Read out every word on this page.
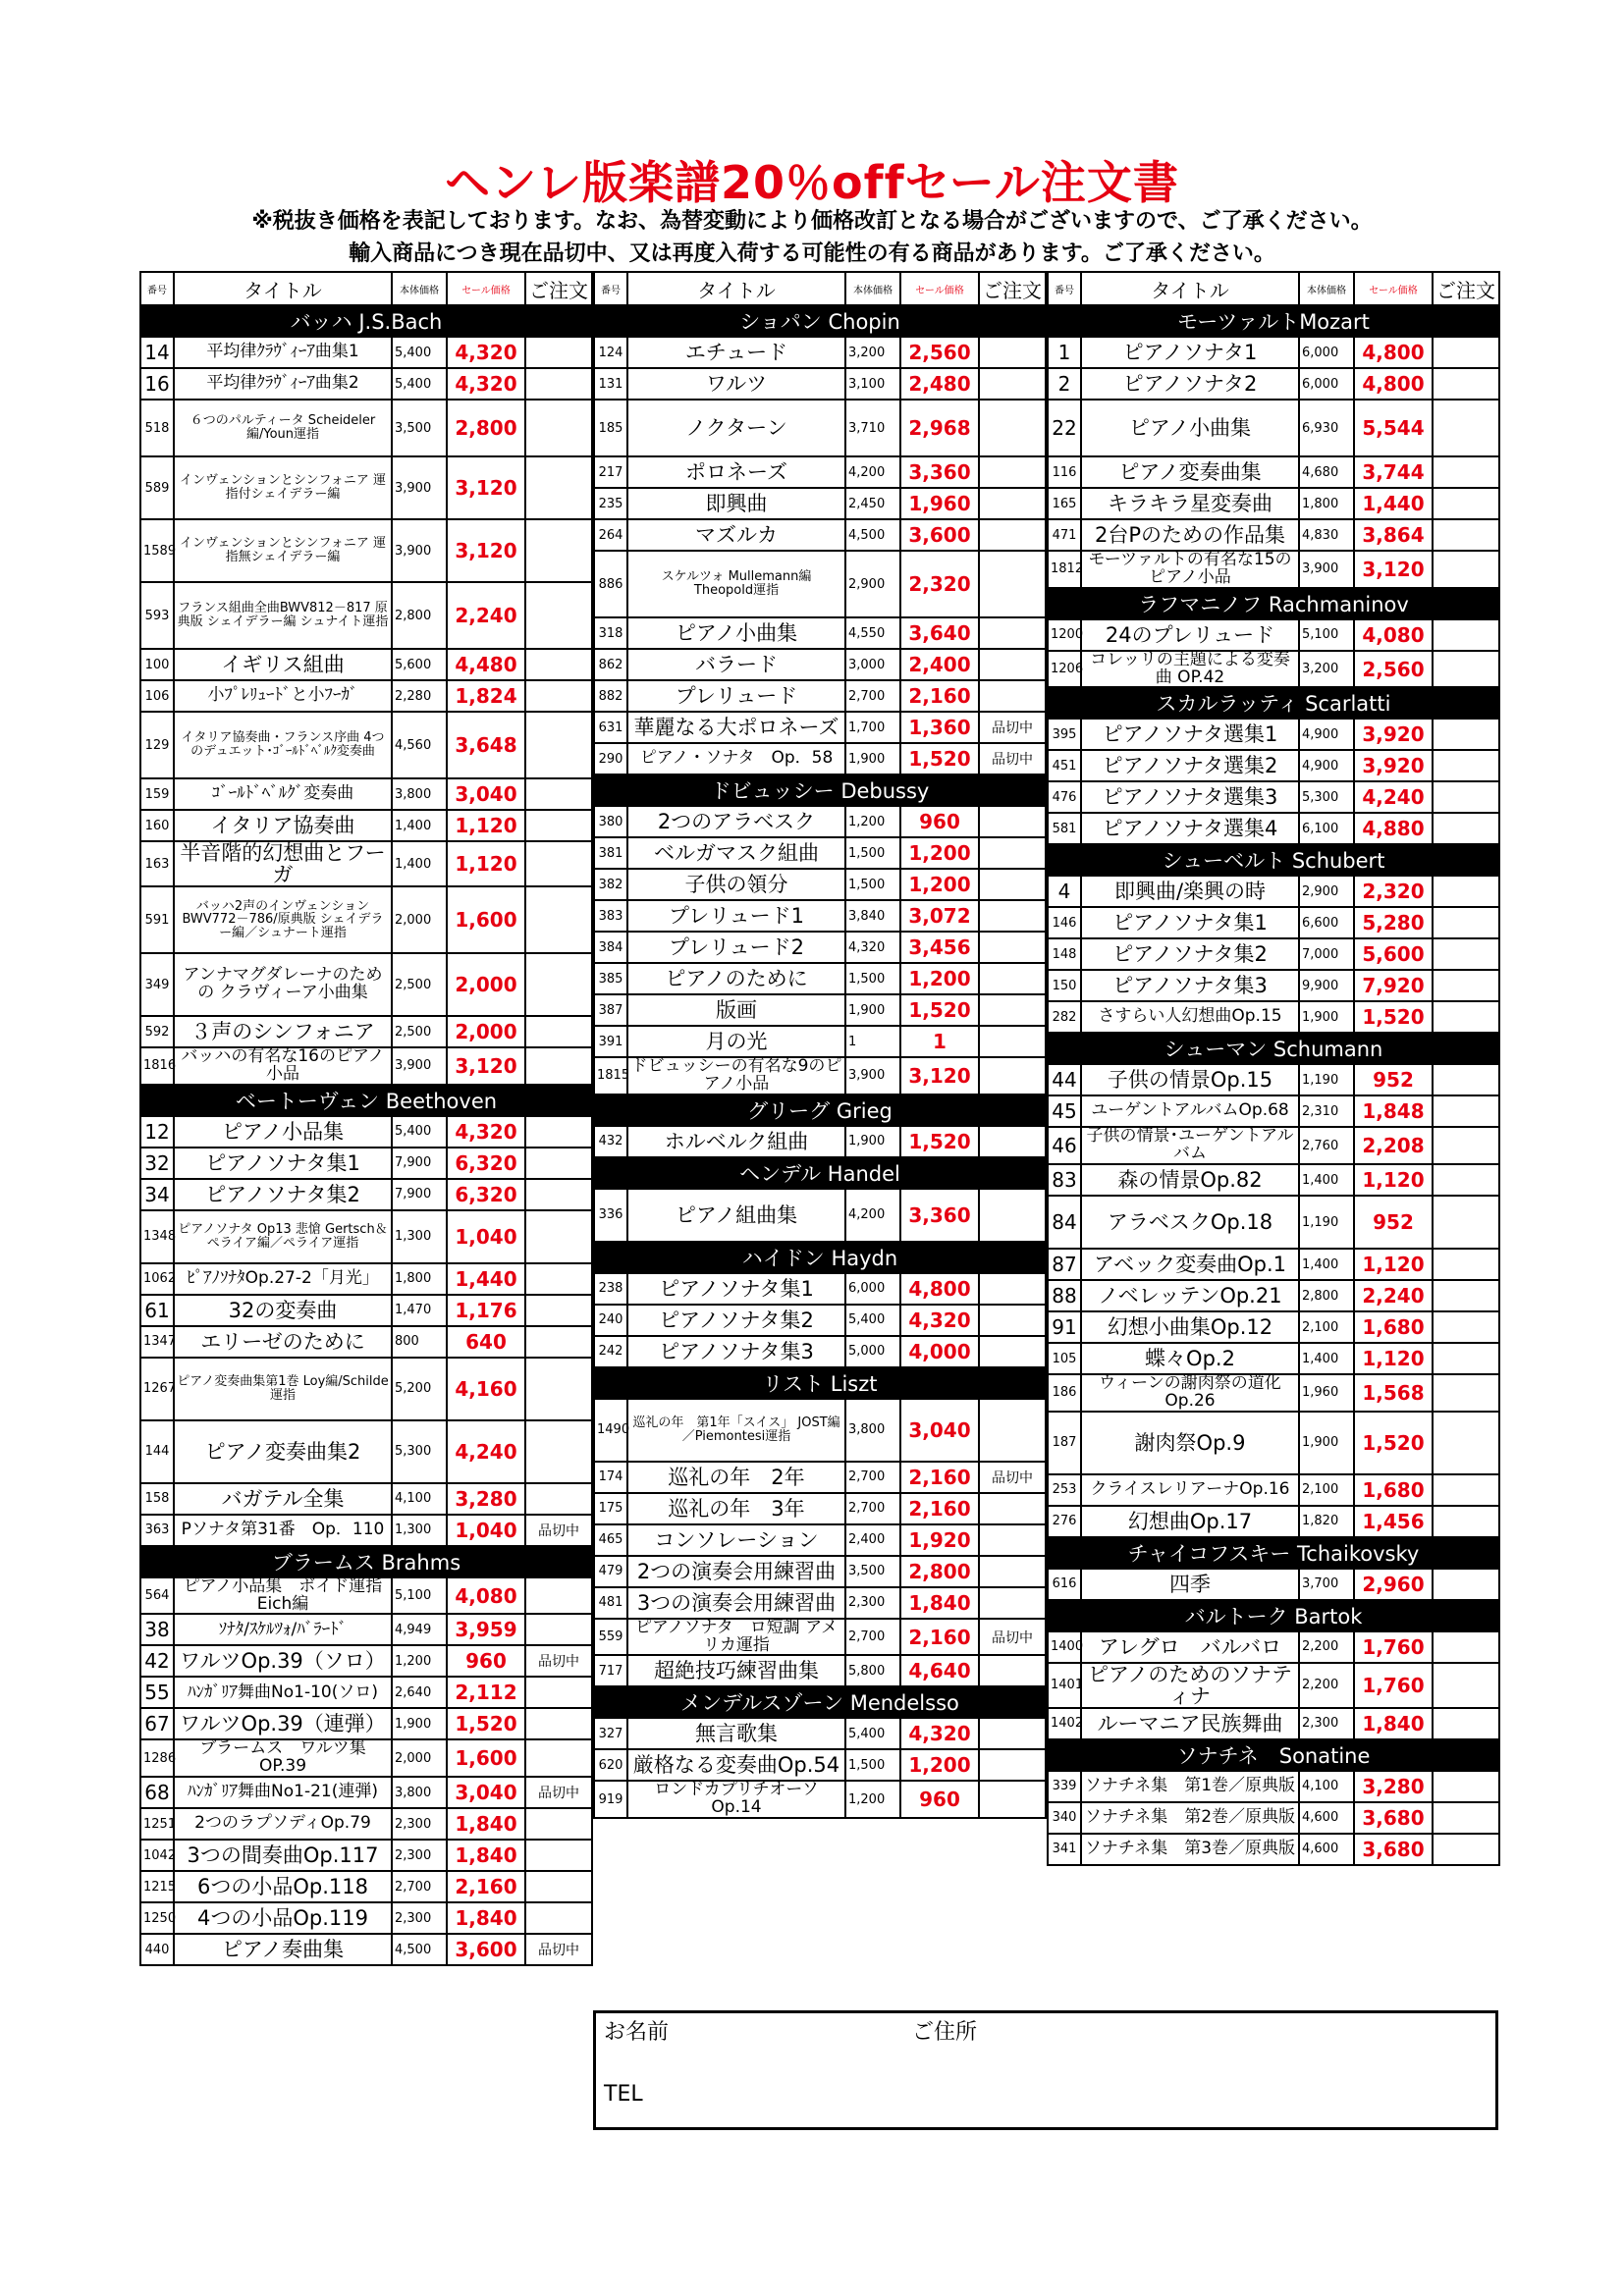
ヘンレ版楽譜20％offセール注文書
※税抜き価格を表記しております。なお、為替変動により価格改訂となる場合がございますので、ご了承ください。
輸入商品につき現在品切中、又は再度入荷する可能性の有る商品があります。ご了承ください。
番号	タイトル	本体価格	セール価格	ご注文
バッハ J.S.Bach				
14	平均律ｸﾗｳﾞｨｰｱ曲集1	5,400	4,320	
16	平均律ｸﾗｳﾞｨｰｱ曲集2	5,400	4,320	
518	６つのパルティータ Scheideler編/Youn運指	3,500	2,800	
589	インヴェンションとシンフォニア 運指付シェイデラー編	3,900	3,120	
1589	インヴェンションとシンフォニア 運指無シェイデラー編	3,900	3,120	
593	フランス組曲全曲BWV812－817 原典版 シェイデラー編 シュナイト運指	2,800	2,240	
100	イギリス組曲	5,600	4,480	
106	小ﾌﾟﾚﾘｭｰﾄﾞと小ﾌｰｶﾞ	2,280	1,824	
129	イタリア協奏曲・フランス序曲 4つのデュエット･ｺﾞｰﾙﾄﾞﾍﾞﾙｸ変奏曲	4,560	3,648	
159	ｺﾞｰﾙﾄﾞﾍﾞﾙｸﾞ変奏曲	3,800	3,040	
160	イタリア協奏曲	1,400	1,120	
163	半音階的幻想曲とフーガ	1,400	1,120	
591	バッハ2声のインヴェンション BWV772－786/原典版 シェイデラー編／シュナート運指	2,000	1,600	
349	アンナマグダレーナのための クラヴィーア小曲集	2,500	2,000	
592	３声のシンフォニア	2,500	2,000	
1816	バッハの有名な16のピアノ小品	3,900	3,120	
ベートーヴェン Beethoven				
12	ピアノ小品集	5,400	4,320	
32	ピアノソナタ集1	7,900	6,320	
34	ピアノソナタ集2	7,900	6,320	
1348	ピアノソナタ Op13 悲愴 Gertsch＆ペライア編／ペライア運指	1,300	1,040	
1062	ﾋﾟｱﾉｿﾅﾀOp.27-2「月光」	1,800	1,440	
61	32の変奏曲	1,470	1,176	
1347	エリーゼのために	800	640	
1267	ピアノ変奏曲集第1巻 Loy編/Schilde運指	5,200	4,160	
144	ピアノ変奏曲集2	5,300	4,240	
158	バガテル全集	4,100	3,280	
363	Pソナタ第31番　Op．110	1,300	1,040	品切中
ブラームス Brahms				
564	ピアノ小品集　ボイド運指　Eich編	5,100	4,080	
38	ｿﾅﾀ/ｽｹﾙﾂｫ/ﾊﾞﾗｰﾄﾞ	4,949	3,959	
42	ワルツOp.39（ソロ）	1,200	960	品切中
55	ﾊﾝｶﾞﾘｱ舞曲No1-10(ソロ)	2,640	2,112	
67	ワルツOp.39（連弾）	1,900	1,520	
1286	ブラームス　ワルツ集OP.39	2,000	1,600	
68	ﾊﾝｶﾞﾘｱ舞曲No1-21(連弾)	3,800	3,040	品切中
1251	2つのラプソディOp.79	2,300	1,840	
1042	3つの間奏曲Op.117	2,300	1,840	
1215	6つの小品Op.118	2,700	2,160	
1250	4つの小品Op.119	2,300	1,840	
440	ピアノ奏曲集	4,500	3,600	品切中
番号	タイトル	本体価格	セール価格	ご注文
ショパン Chopin				
124	エチュード	3,200	2,560	
131	ワルツ	3,100	2,480	
185	ノクターン	3,710	2,968	
217	ポロネーズ	4,200	3,360	
235	即興曲	2,450	1,960	
264	マズルカ	4,500	3,600	
886	スケルツォ Mullemann編 Theopold運指	2,900	2,320	
318	ピアノ小曲集	4,550	3,640	
862	バラード	3,000	2,400	
882	プレリュード	2,700	2,160	
631	華麗なる大ポロネーズ	1,700	1,360	品切中
290	ピアノ・ソナタ　Op．58	1,900	1,520	品切中
ドビュッシー Debussy				
380	2つのアラベスク	1,200	960	
381	ベルガマスク組曲	1,500	1,200	
382	子供の領分	1,500	1,200	
383	プレリュード1	3,840	3,072	
384	プレリュード2	4,320	3,456	
385	ピアノのために	1,500	1,200	
387	版画	1,900	1,520	
391	月の光	1	1	
1815	ドビュッシーの有名な9のピアノ小品	3,900	3,120	
グリーグ Grieg				
432	ホルベルク組曲	1,900	1,520	
ヘンデル Handel				
336	ピアノ組曲集	4,200	3,360	
ハイドン Haydn				
238	ピアノソナタ集1	6,000	4,800	
240	ピアノソナタ集2	5,400	4,320	
242	ピアノソナタ集3	5,000	4,000	
リスト Liszt				
1490	巡礼の年　第1年「スイス」 JOST編／Piemontesi運指	3,800	3,040	
174	巡礼の年　2年	2,700	2,160	品切中
175	巡礼の年　3年	2,700	2,160	
465	コンソレーション	2,400	1,920	
479	2つの演奏会用練習曲	3,500	2,800	
481	3つの演奏会用練習曲	2,300	1,840	
559	ピアノソナタ　ロ短調 アメリカ運指	2,700	2,160	品切中
717	超絶技巧練習曲集	5,800	4,640	
メンデルスゾーン Mendelsso				
327	無言歌集	5,400	4,320	
620	厳格なる変奏曲Op.54	1,500	1,200	
919	ロンドカプリチオーソOp.14	1,200	960	
番号	タイトル	本体価格	セール価格	ご注文
モーツァルトMozart				
1	ピアノソナタ1	6,000	4,800	
2	ピアノソナタ2	6,000	4,800	
22	ピアノ小曲集	6,930	5,544	
116	ピアノ変奏曲集	4,680	3,744	
165	キラキラ星変奏曲	1,800	1,440	
471	2台Pのための作品集	4,830	3,864	
1812	モーツァルトの有名な15のピアノ小品	3,900	3,120	
ラフマニノフ Rachmaninov				
1200	24のプレリュード	5,100	4,080	
1206	コレッリの主題による変奏曲 OP.42	3,200	2,560	
スカルラッティ Scarlatti				
395	ピアノソナタ選集1	4,900	3,920	
451	ピアノソナタ選集2	4,900	3,920	
476	ピアノソナタ選集3	5,300	4,240	
581	ピアノソナタ選集4	6,100	4,880	
シューベルト Schubert				
4	即興曲/楽興の時	2,900	2,320	
146	ピアノソナタ集1	6,600	5,280	
148	ピアノソナタ集2	7,000	5,600	
150	ピアノソナタ集3	9,900	7,920	
282	さすらい人幻想曲Op.15	1,900	1,520	
シューマン Schumann				
44	子供の情景Op.15	1,190	952	
45	ユーゲントアルバムOp.68	2,310	1,848	
46	子供の情景･ユーゲントアルバム	2,760	2,208	
83	森の情景Op.82	1,400	1,120	
84	アラベスクOp.18	1,190	952	
87	アベック変奏曲Op.1	1,400	1,120	
88	ノベレッテンOp.21	2,800	2,240	
91	幻想小曲集Op.12	2,100	1,680	
105	蝶々Op.2	1,400	1,120	
186	ウィーンの謝肉祭の道化Op.26	1,960	1,568	
187	謝肉祭Op.9	1,900	1,520	
253	クライスレリアーナOp.16	2,100	1,680	
276	幻想曲Op.17	1,820	1,456	
チャイコフスキー Tchaikovsky				
616	四季	3,700	2,960	
バルトーク Bartok				
1400	アレグロ　バルバロ	2,200	1,760	
1401	ピアノのためのソナティナ	2,200	1,760	
1402	ルーマニア民族舞曲	2,300	1,840	
ソナチネ　Sonatine				
339	ソナチネ集　第1巻／原典版	4,100	3,280	
340	ソナチネ集　第2巻／原典版	4,600	3,680	
341	ソナチネ集　第3巻／原典版	4,600	3,680	
お名前	ご住所
TEL
